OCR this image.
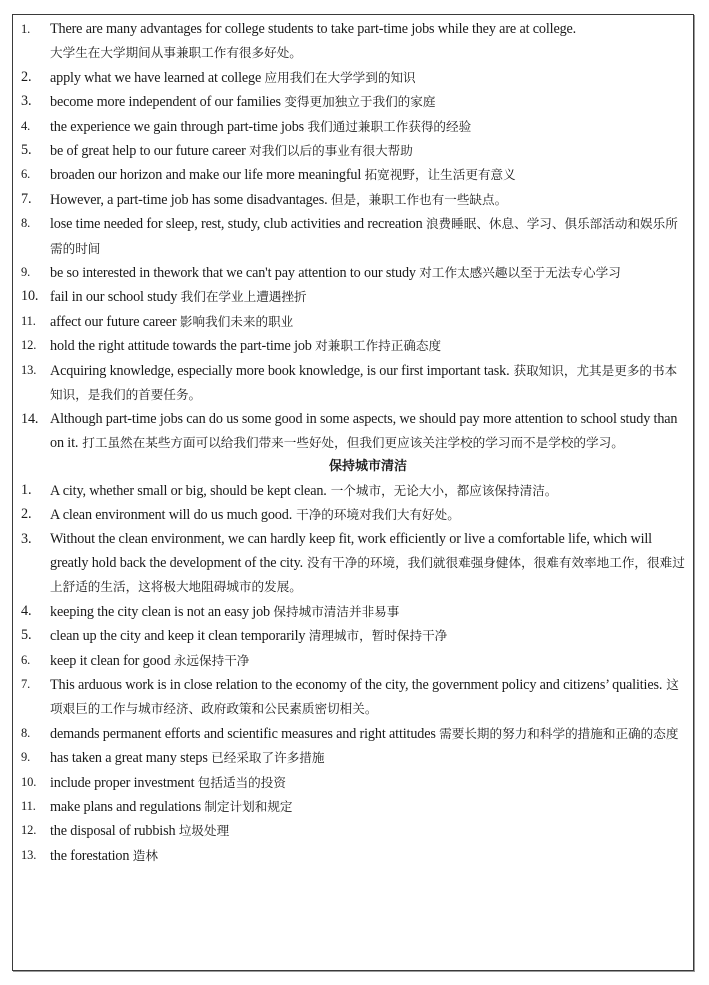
1.	There are many advantages for college students to take part-time jobs while they are at college.
大学生在大学期间从事兼职工作有很多好处。
2.	apply what we have learned at college 应用我们在大学学到的知识
3.	become more independent of our families 变得更加独立于我们的家庭
4.	the experience we gain through part-time jobs 我们通过兼职工作获得的经验
5.	be of great help to our future career 对我们以后的事业有很大帮助
6.	broaden our horizon and make our life more meaningful 拓宽视野，让生活更有意义
7.	However, a part-time job has some disadvantages. 但是，兼职工作也有一些缺点。
8.	lose time needed for sleep, rest, study, club activities and recreation 浪费睡眠、休息、学习、俱乐部活动和娱乐所需的时间
9.	be so interested in thework that we can't pay attention to our study 对工作太感兴趣以至于无法专心学习
10. fail in our school study 我们在学业上遭遇挫折
11.	affect our future career 影响我们未来的职业
12. hold the right attitude towards the part-time job 对兼职工作持正确态度
13. Acquiring knowledge, especially more book knowledge, is our first important task. 获取知识，尤其是更多的书本知识，是我们的首要任务。
14. Although part-time jobs can do us some good in some aspects, we should pay more attention to school study than on it. 打工虽然在某些方面可以给我们带来一些好处，但我们更应该关注学校的学习而不是学校的学习。
保持城市清洁
1.	A city, whether small or big, should be kept clean. 一个城市，无论大小，都应该保持清洁。
2.	A clean environment will do us much good. 干净的环境对我们大有好处。
3.	Without the clean environment, we can hardly keep fit, work efficiently or live a comfortable life, which will greatly hold back the development of the city. 没有干净的环境，我们就很难强身健体，很难有效率地工作，很难过上舒适的生活，这将极大地阻碍城市的发展。
4.	keeping the city clean is not an easy job 保持城市清洁并非易事
5.	clean up the city and keep it clean temporarily 清理城市，暂时保持干净
6.	keep it clean for good 永远保持干净
7.	This arduous work is in close relation to the economy of the city, the government policy and citizens’ qualities. 这项艰巨的工作与城市经济、政府政策和公民素质密切相关。
8.	demands permanent efforts and scientific measures and right attitudes 需要长期的努力和科学的措施和正确的态度
9.	has taken a great many steps 已经采取了许多措施
10. include proper investment 包括适当的投资
11.	make plans and regulations 制定计划和规定
12. the disposal of rubbish 垃圾处理
13. the forestation 造林
